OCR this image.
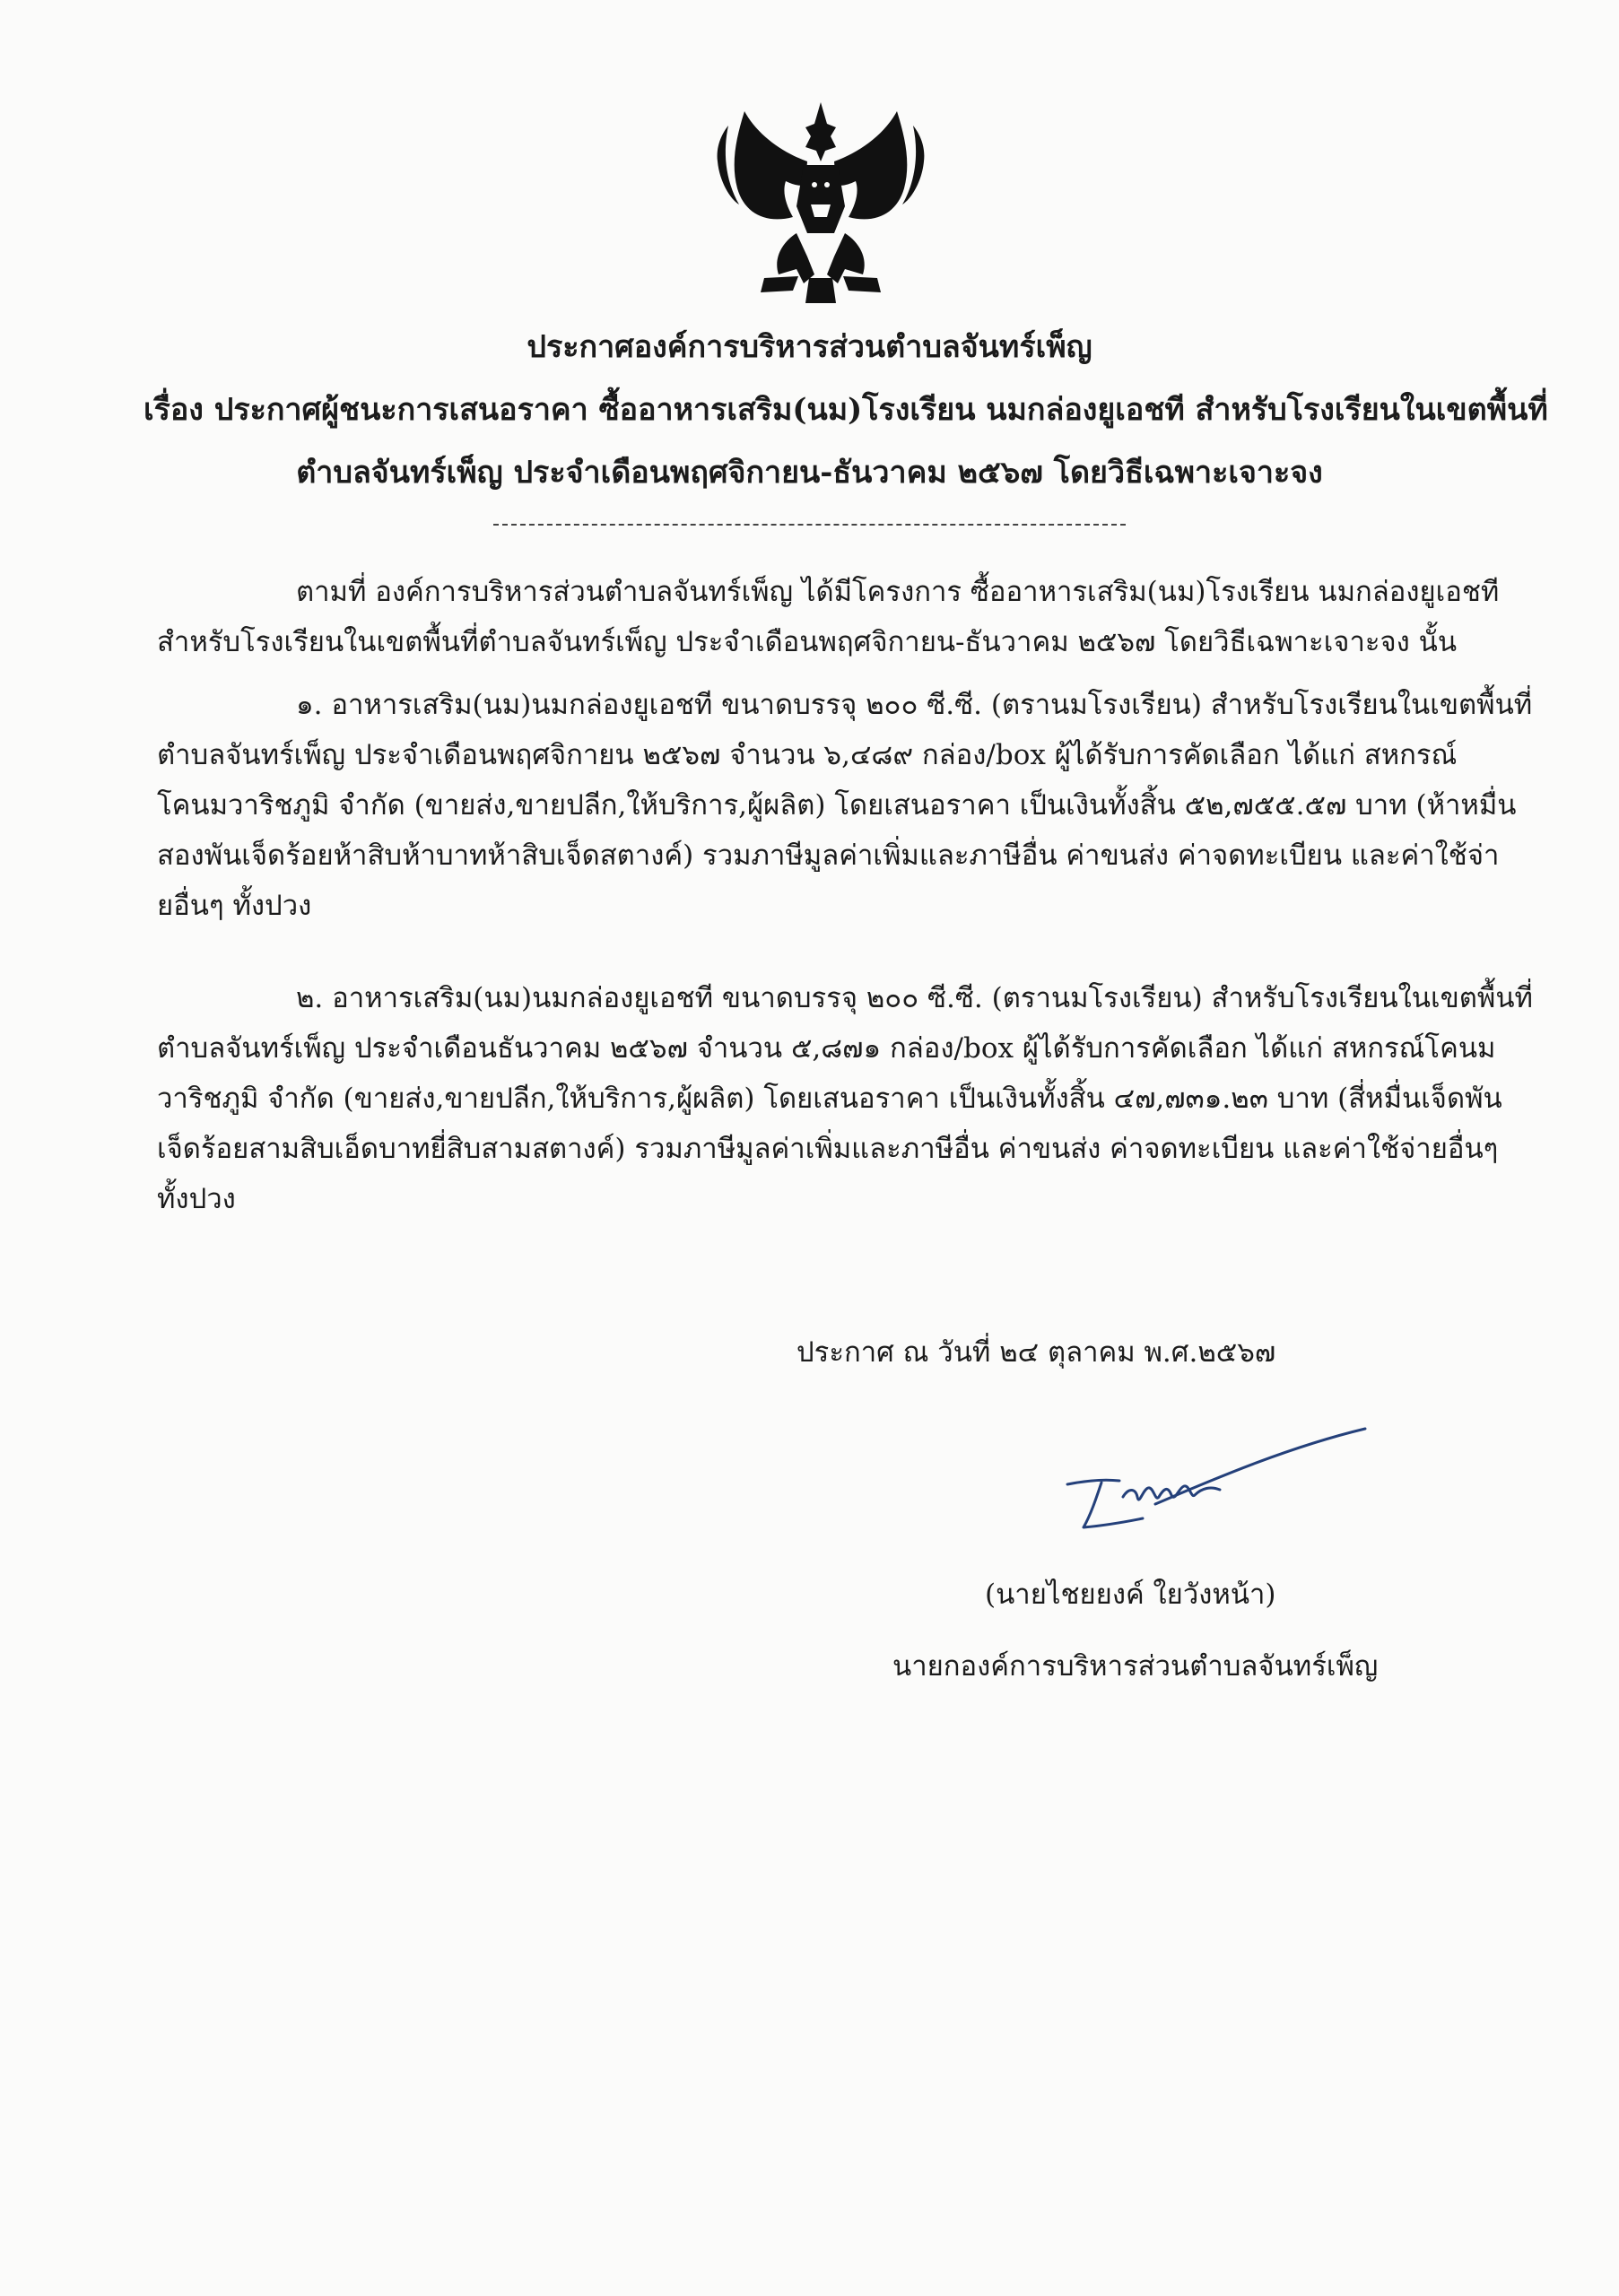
ประกาศองค์การบริหารส่วนตำบลจันทร์เพ็ญ
เรื่อง ประกาศผู้ชนะการเสนอราคา ซื้ออาหารเสริม(นม)โรงเรียน นมกล่องยูเอชที สำหรับโรงเรียนในเขตพื้นที่
ตำบลจันทร์เพ็ญ ประจำเดือนพฤศจิกายน-ธันวาคม ๒๕๖๗ โดยวิธีเฉพาะเจาะจง
ตามที่ องค์การบริหารส่วนตำบลจันทร์เพ็ญ ได้มีโครงการ ซื้ออาหารเสริม(นม)โรงเรียน นมกล่องยูเอชที
สำหรับโรงเรียนในเขตพื้นที่ตำบลจันทร์เพ็ญ ประจำเดือนพฤศจิกายน-ธันวาคม ๒๕๖๗ โดยวิธีเฉพาะเจาะจง นั้น
๑. อาหารเสริม(นม)นมกล่องยูเอชที ขนาดบรรจุ ๒๐๐ ซี.ซี. (ตรานมโรงเรียน) สำหรับโรงเรียนในเขตพื้นที่
ตำบลจันทร์เพ็ญ ประจำเดือนพฤศจิกายน ๒๕๖๗ จำนวน ๖,๔๘๙ กล่อง/box ผู้ได้รับการคัดเลือก ได้แก่ สหกรณ์
โคนมวาริชภูมิ จำกัด (ขายส่ง,ขายปลีก,ให้บริการ,ผู้ผลิต) โดยเสนอราคา เป็นเงินทั้งสิ้น ๕๒,๗๕๕.๕๗ บาท (ห้าหมื่น
สองพันเจ็ดร้อยห้าสิบห้าบาทห้าสิบเจ็ดสตางค์) รวมภาษีมูลค่าเพิ่มและภาษีอื่น ค่าขนส่ง ค่าจดทะเบียน และค่าใช้จ่า
ยอื่นๆ ทั้งปวง
๒. อาหารเสริม(นม)นมกล่องยูเอชที ขนาดบรรจุ ๒๐๐ ซี.ซี. (ตรานมโรงเรียน) สำหรับโรงเรียนในเขตพื้นที่
ตำบลจันทร์เพ็ญ ประจำเดือนธันวาคม ๒๕๖๗ จำนวน ๕,๘๗๑ กล่อง/box ผู้ได้รับการคัดเลือก ได้แก่ สหกรณ์โคนม
วาริชภูมิ จำกัด (ขายส่ง,ขายปลีก,ให้บริการ,ผู้ผลิต) โดยเสนอราคา เป็นเงินทั้งสิ้น ๔๗,๗๓๑.๒๓ บาท (สี่หมื่นเจ็ดพัน
เจ็ดร้อยสามสิบเอ็ดบาทยี่สิบสามสตางค์) รวมภาษีมูลค่าเพิ่มและภาษีอื่น ค่าขนส่ง ค่าจดทะเบียน และค่าใช้จ่ายอื่นๆ
ทั้งปวง
ประกาศ ณ วันที่ ๒๔ ตุลาคม พ.ศ.๒๕๖๗
(นายไชยยงค์ ใยวังหน้า)
นายกองค์การบริหารส่วนตำบลจันทร์เพ็ญ
